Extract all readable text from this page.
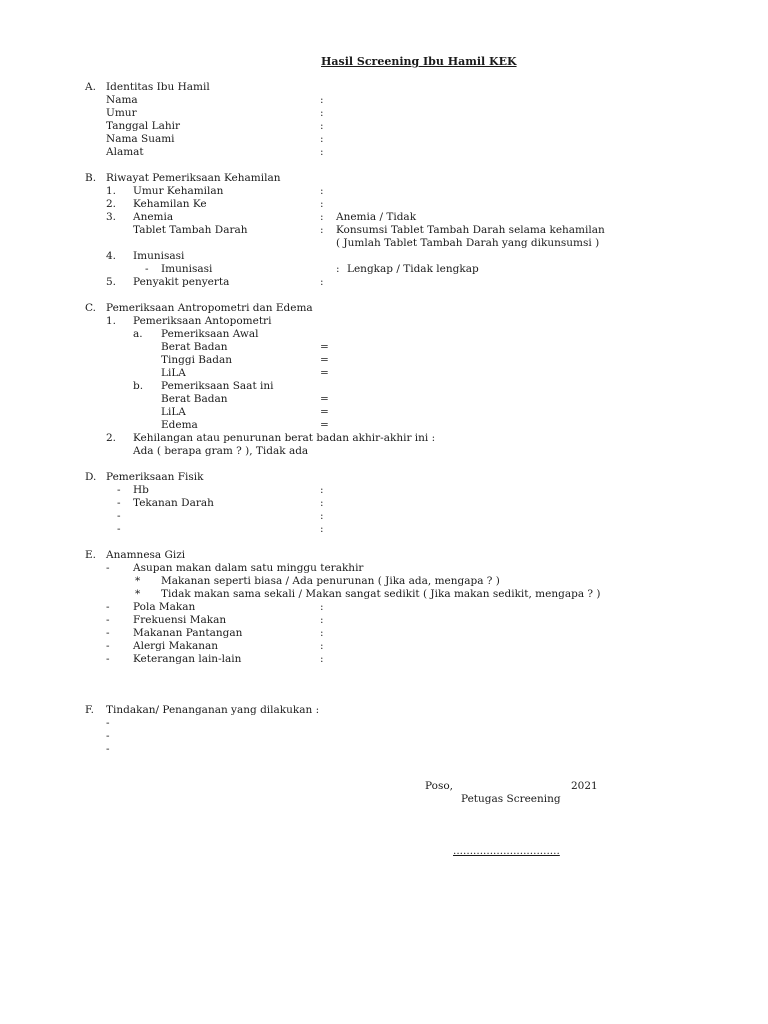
Hasil Screening Ibu Hamil KEK
A. Identitas Ibu Hamil
Nama	:
Umur	:
Tanggal Lahir	:
Nama Suami	:
Alamat	:
B. Riwayat Pemeriksaan Kehamilan
1. Umur Kehamilan	:
2. Kehamilan Ke	:
3. Anemia	: Anemia / Tidak
Tablet Tambah Darah	: Konsumsi Tablet Tambah Darah selama kehamilan
( Jumlah Tablet Tambah Darah yang dikunsumsi )
4. Imunisasi
- Imunisasi	: Lengkap / Tidak lengkap
5. Penyakit penyerta	:
C. Pemeriksaan Antropometri dan Edema
1. Pemeriksaan Antopometri
a. Pemeriksaan Awal
Berat Badan	=
Tinggi Badan	=
LiLA	=
b. Pemeriksaan Saat ini
Berat Badan	=
LiLA	=
Edema	=
2. Kehilangan atau penurunan berat badan akhir-akhir ini :
Ada ( berapa gram ? ), Tidak ada
D. Pemeriksaan Fisik
- Hb	:
- Tekanan Darah	:
-	:
-	:
E. Anamnesa Gizi
- Asupan makan dalam satu minggu terakhir
* Makanan seperti biasa / Ada penurunan ( Jika ada, mengapa ? )
* Tidak makan sama sekali / Makan sangat sedikit ( Jika makan sedikit, mengapa ? )
- Pola Makan	:
- Frekuensi Makan	:
- Makanan Pantangan	:
- Alergi Makanan	:
- Keterangan lain-lain	:
F. Tindakan/ Penanganan yang dilakukan :
-
-
-
Poso,	2021
Petugas Screening
................................
